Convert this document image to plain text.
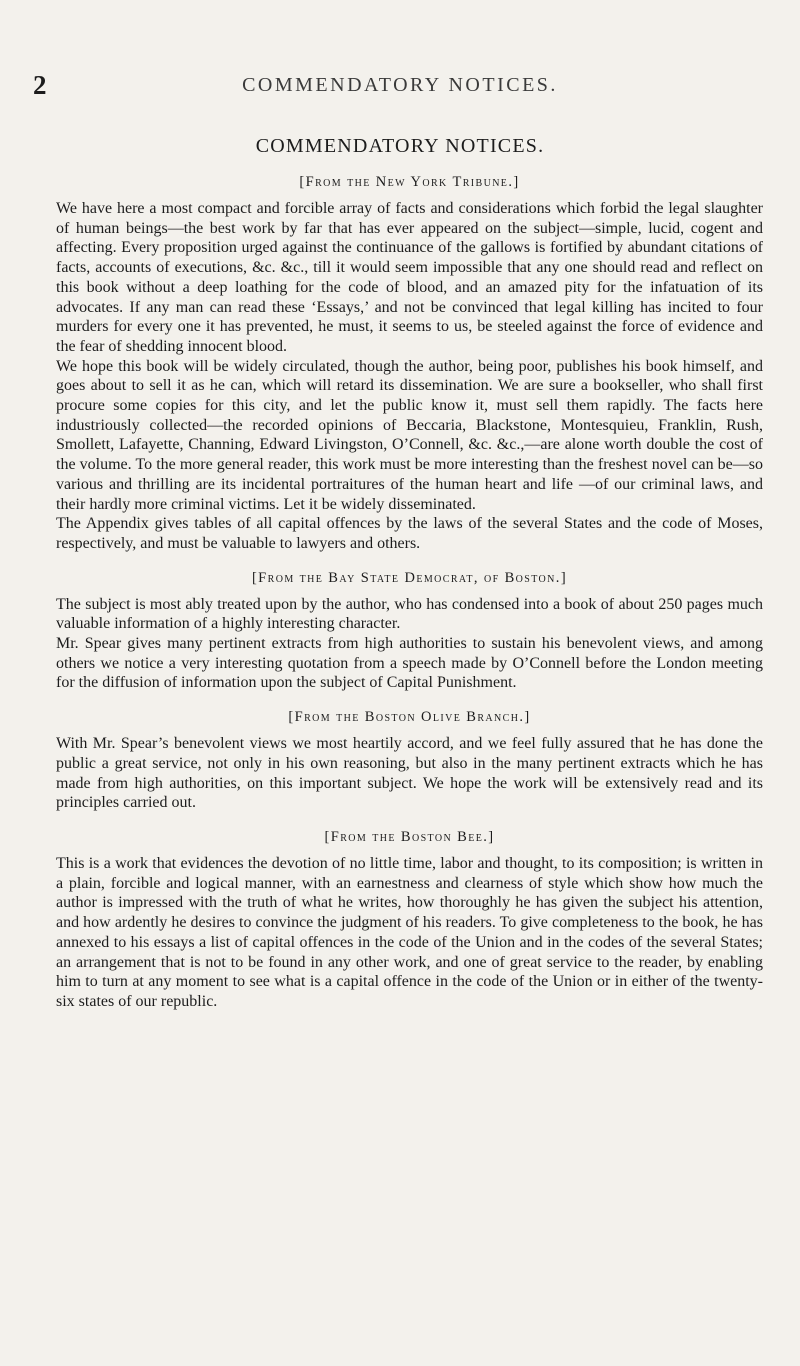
2	COMMENDATORY NOTICES.
COMMENDATORY NOTICES.

[From the New York Tribune.]

We have here a most compact and forcible array of facts and considerations which forbid the legal slaughter of human beings—the best work by far that has ever appeared on the subject—simple, lucid, cogent and affecting. Every proposition urged against the continuance of the gallows is fortified by abundant citations of facts, accounts of executions, &c. &c., till it would seem impossible that any one should read and reflect on this book without a deep loathing for the code of blood, and an amazed pity for the infatuation of its advocates. If any man can read these ‘Essays,’ and not be convinced that legal killing has incited to four murders for every one it has prevented, he must, it seems to us, be steeled against the force of evidence and the fear of shedding innocent blood.

We hope this book will be widely circulated, though the author, being poor, publishes his book himself, and goes about to sell it as he can, which will retard its dissemination. We are sure a bookseller, who shall first procure some copies for this city, and let the public know it, must sell them rapidly. The facts here industriously collected—the recorded opinions of Beccaria, Blackstone, Montesquieu, Franklin, Rush, Smollett, Lafayette, Channing, Edward Livingston, O’Connell, &c. &c.,—are alone worth double the cost of the volume. To the more general reader, this work must be more interesting than the freshest novel can be—so various and thrilling are its incidental portraitures of the human heart and life —of our criminal laws, and their hardly more criminal victims. Let it be widely disseminated.

The Appendix gives tables of all capital offences by the laws of the several States and the code of Moses, respectively, and must be valuable to lawyers and others.

[From the Bay State Democrat, of Boston.]

The subject is most ably treated upon by the author, who has condensed into a book of about 250 pages much valuable information of a highly interesting character.

Mr. Spear gives many pertinent extracts from high authorities to sustain his benevolent views, and among others we notice a very interesting quotation from a speech made by O’Connell before the London meeting for the diffusion of information upon the subject of Capital Punishment.

[From the Boston Olive Branch.]

With Mr. Spear’s benevolent views we most heartily accord, and we feel fully assured that he has done the public a great service, not only in his own reasoning, but also in the many pertinent extracts which he has made from high authorities, on this important subject. We hope the work will be extensively read and its principles carried out.

[From the Boston Bee.]

This is a work that evidences the devotion of no little time, labor and thought, to its composition; is written in a plain, forcible and logical manner, with an earnestness and clearness of style which show how much the author is impressed with the truth of what he writes, how thoroughly he has given the subject his attention, and how ardently he desires to convince the judgment of his readers. To give completeness to the book, he has annexed to his essays a list of capital offences in the code of the Union and in the codes of the several States; an arrangement that is not to be found in any other work, and one of great service to the reader, by enabling him to turn at any moment to see what is a capital offence in the code of the Union or in either of the twenty-six states of our republic.
